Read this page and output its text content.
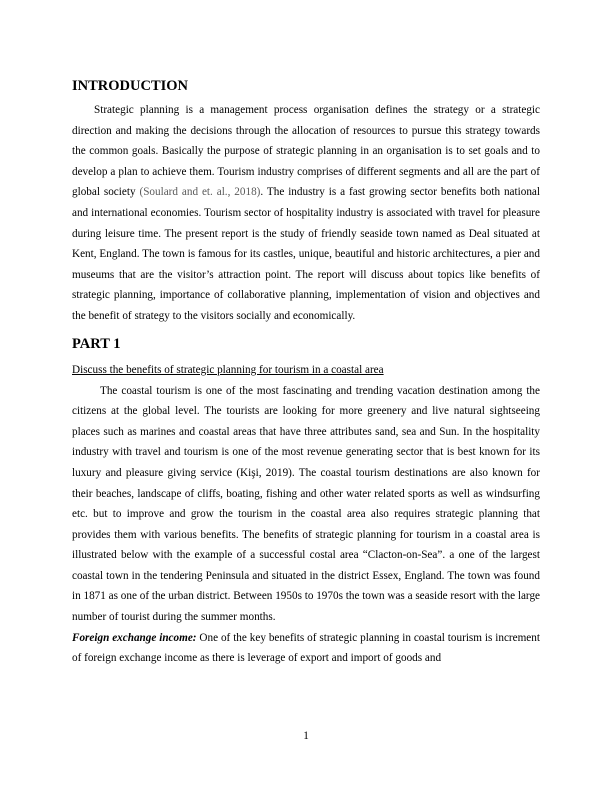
INTRODUCTION

Strategic planning is a management process organisation defines the strategy or a strategic direction and making the decisions through the allocation of resources to pursue this strategy towards the common goals. Basically the purpose of strategic planning in an organisation is to set goals and to develop a plan to achieve them. Tourism industry comprises of different segments and all are the part of global society (Soulard and et. al., 2018). The industry is a fast growing sector benefits both national and international economies. Tourism sector of hospitality industry is associated with travel for pleasure during leisure time. The present report is the study of friendly seaside town named as Deal situated at Kent, England. The town is famous for its castles, unique, beautiful and historic architectures, a pier and museums that are the visitor’s attraction point. The report will discuss about topics like benefits of strategic planning, importance of collaborative planning, implementation of vision and objectives and the benefit of strategy to the visitors socially and economically.

PART 1
Discuss the benefits of strategic planning for tourism in a coastal area

The coastal tourism is one of the most fascinating and trending vacation destination among the citizens at the global level. The tourists are looking for more greenery and live natural sightseeing places such as marines and coastal areas that have three attributes sand, sea and Sun. In the hospitality industry with travel and tourism is one of the most revenue generating sector that is best known for its luxury and pleasure giving service (Kişi, 2019). The coastal tourism destinations are also known for their beaches, landscape of cliffs, boating, fishing and other water related sports as well as windsurfing etc. but to improve and grow the tourism in the coastal area also requires strategic planning that provides them with various benefits. The benefits of strategic planning for tourism in a coastal area is illustrated below with the example of a successful costal area “Clacton-on-Sea”. a one of the largest coastal town in the tendering Peninsula and situated in the district Essex, England. The town was found in 1871 as one of the urban district. Between 1950s to 1970s the town was a seaside resort with the large number of tourist during the summer months.

Foreign exchange income: One of the key benefits of strategic planning in coastal tourism is increment of foreign exchange income as there is leverage of export and import of goods and

1
